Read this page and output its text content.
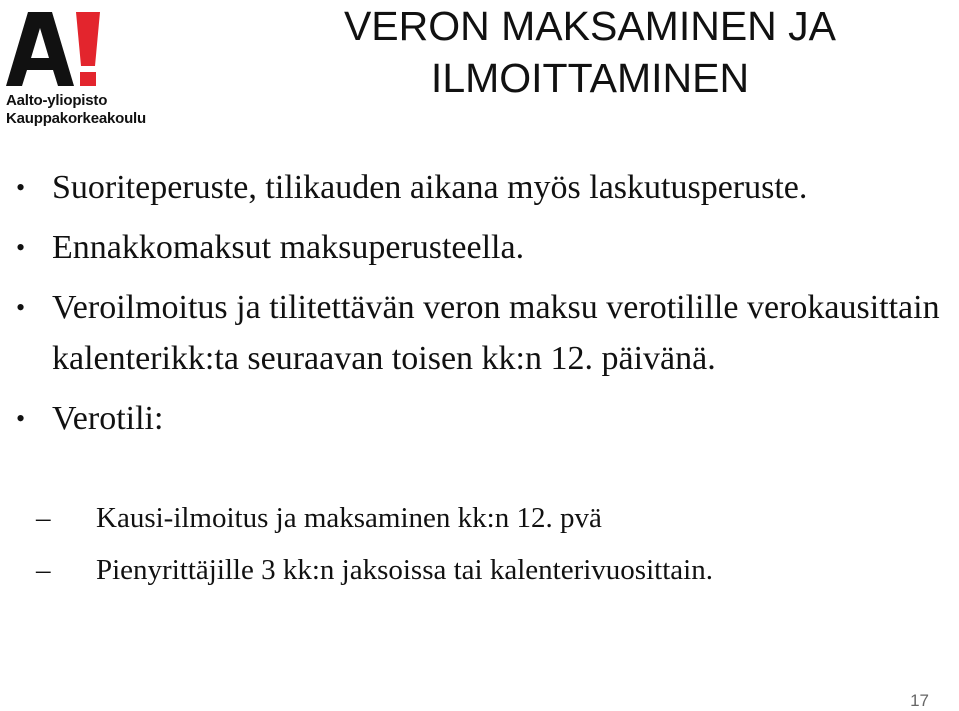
Aalto-yliopisto
Kauppakorkeakoulu
VERON MAKSAMINEN JA
ILMOITTAMINEN
• Suoriteperuste, tilikauden aikana myös laskutusperuste.
• Ennakkomaksut maksuperusteella.
• Veroilmoitus ja tilitettävän veron maksu verotilille verokausittain kalenterikk:ta seuraavan toisen kk:n 12. päivänä.
• Verotili:
– Kausi-ilmoitus ja maksaminen kk:n 12. pvä
– Pienyrittäjille 3 kk:n jaksoissa tai kalenterivuosittain.
17
